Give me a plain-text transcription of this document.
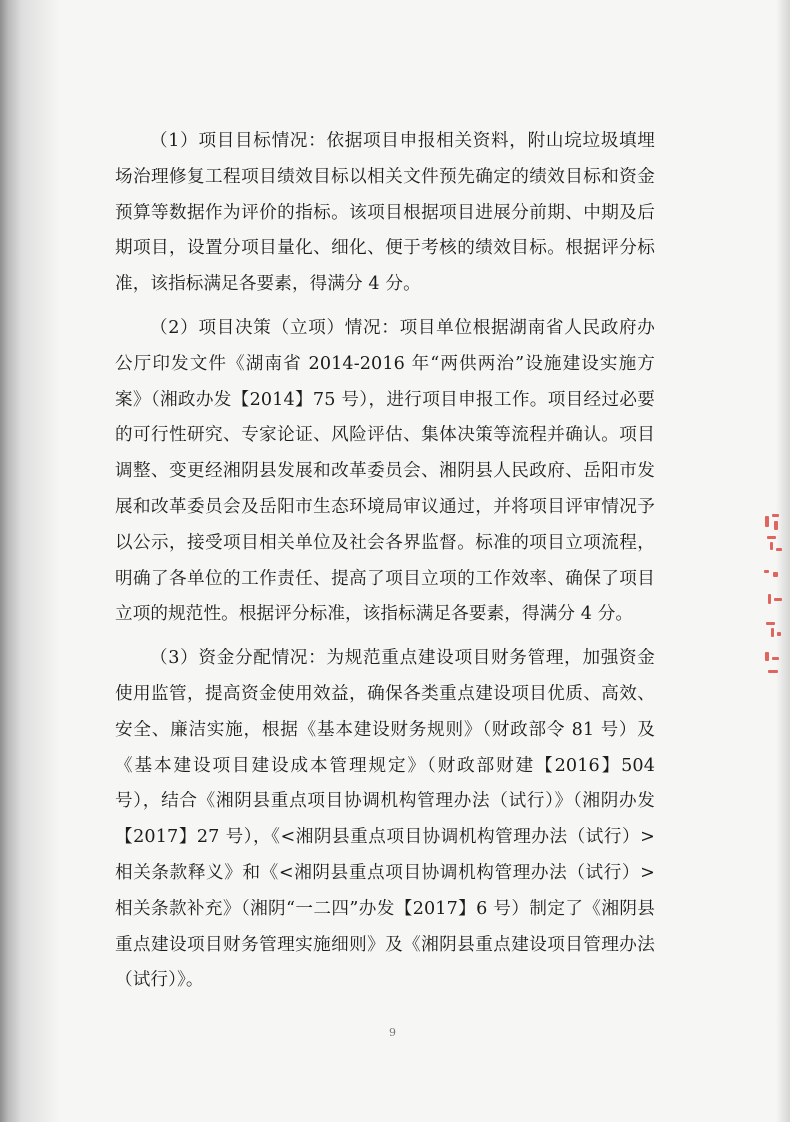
（1）项目目标情况：依据项目申报相关资料，附山垸垃圾填埋场治理修复工程项目绩效目标以相关文件预先确定的绩效目标和资金预算等数据作为评价的指标。该项目根据项目进展分前期、中期及后期项目，设置分项目量化、细化、便于考核的绩效目标。根据评分标准，该指标满足各要素，得满分 4 分。

（2）项目决策（立项）情况：项目单位根据湖南省人民政府办公厅印发文件《湖南省 2014-2016 年“两供两治”设施建设实施方案》（湘政办发【2014】75 号），进行项目申报工作。项目经过必要的可行性研究、专家论证、风险评估、集体决策等流程并确认。项目调整、变更经湘阴县发展和改革委员会、湘阴县人民政府、岳阳市发展和改革委员会及岳阳市生态环境局审议通过，并将项目评审情况予以公示，接受项目相关单位及社会各界监督。标准的项目立项流程，明确了各单位的工作责任、提高了项目立项的工作效率、确保了项目立项的规范性。根据评分标准，该指标满足各要素，得满分 4 分。

（3）资金分配情况：为规范重点建设项目财务管理，加强资金使用监管，提高资金使用效益，确保各类重点建设项目优质、高效、安全、廉洁实施，根据《基本建设财务规则》（财政部令 81 号）及《基本建设项目建设成本管理规定》（财政部财建【2016】504 号），结合《湘阴县重点项目协调机构管理办法（试行）》（湘阴办发【2017】27 号），《<湘阴县重点项目协调机构管理办法（试行）>相关条款释义》和《<湘阴县重点项目协调机构管理办法（试行）>相关条款补充》（湘阴“一二四”办发【2017】6 号）制定了《湘阴县重点建设项目财务管理实施细则》及《湘阴县重点建设项目管理办法（试行）》。

9
